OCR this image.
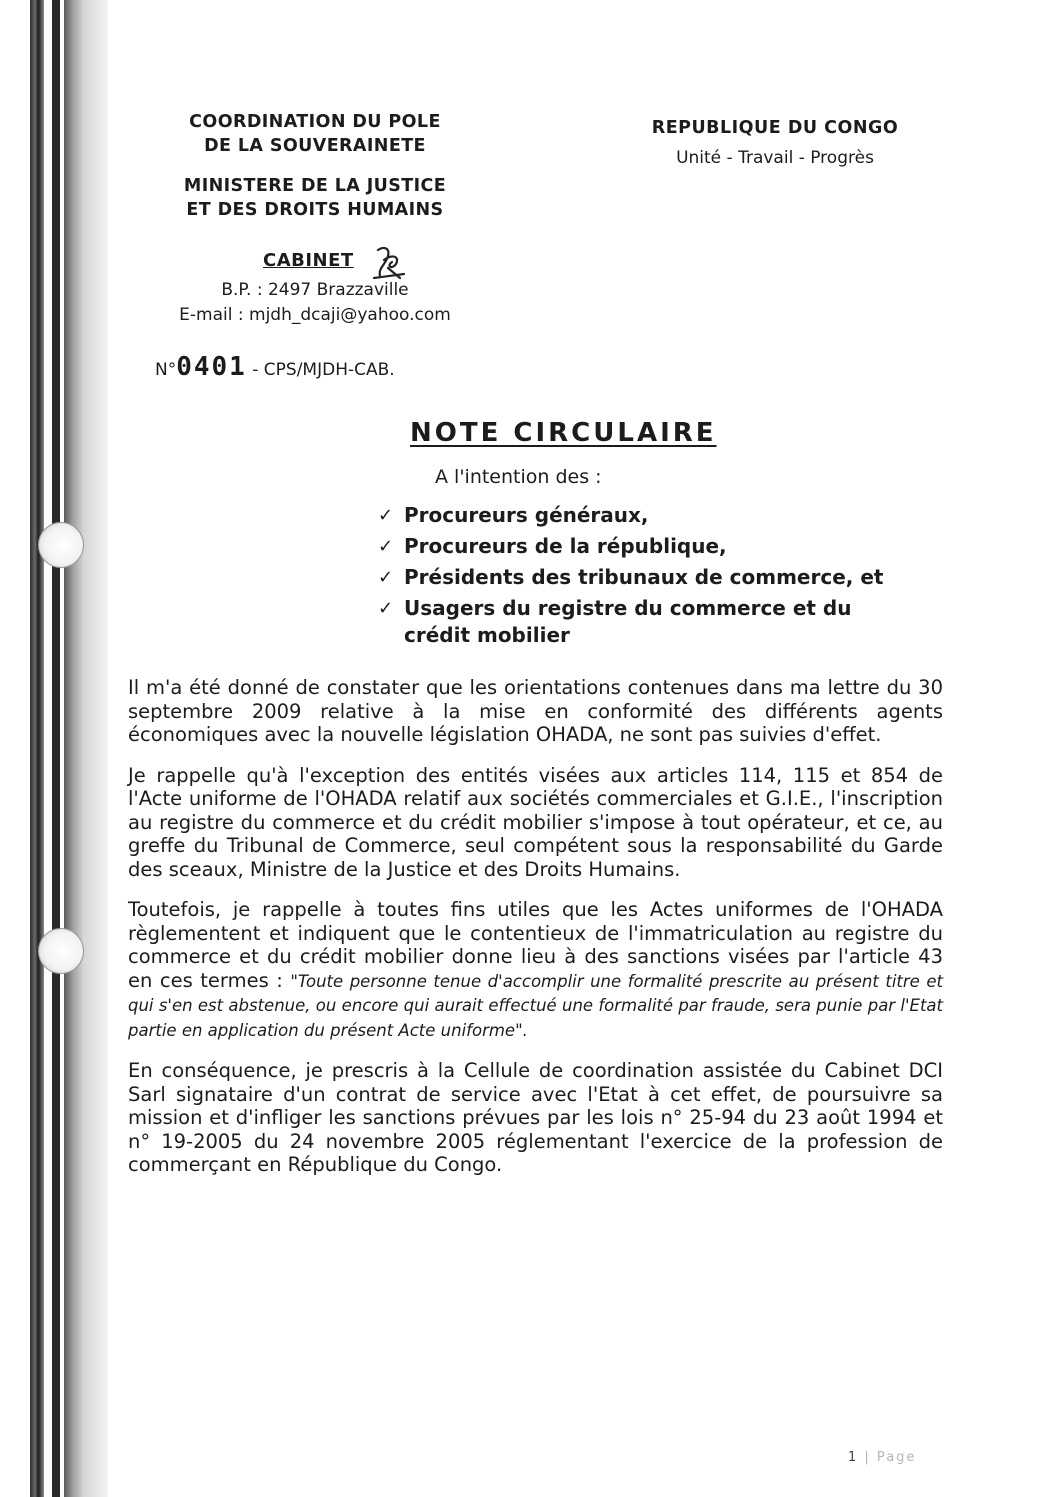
COORDINATION DU POLE
DE LA SOUVERAINETE
MINISTERE DE LA JUSTICE
ET DES DROITS HUMAINS
CABINET
B.P. : 2497 Brazzaville
E-mail : mjdh_dcaji@yahoo.com
N°0401 - CPS/MJDH-CAB.
REPUBLIQUE DU CONGO
Unité - Travail - Progrès
NOTE CIRCULAIRE
A l'intention des :
✓ Procureurs généraux,
✓ Procureurs de la république,
✓ Présidents des tribunaux de commerce, et
✓ Usagers du registre du commerce et du
crédit mobilier

Il m'a été donné de constater que les orientations contenues dans ma lettre du 30 septembre 2009 relative à la mise en conformité des différents agents économiques avec la nouvelle législation OHADA, ne sont pas suivies d'effet.

Je rappelle qu'à l'exception des entités visées aux articles 114, 115 et 854 de l'Acte uniforme de l'OHADA relatif aux sociétés commerciales et G.I.E., l'inscription au registre du commerce et du crédit mobilier s'impose à tout opérateur, et ce, au greffe du Tribunal de Commerce, seul compétent sous la responsabilité du Garde des sceaux, Ministre de la Justice et des Droits Humains.

Toutefois, je rappelle à toutes fins utiles que les Actes uniformes de l'OHADA règlementent et indiquent que le contentieux de l'immatriculation au registre du commerce et du crédit mobilier donne lieu à des sanctions visées par l'article 43 en ces termes : "Toute personne tenue d'accomplir une formalité prescrite au présent titre et qui s'en est abstenue, ou encore qui aurait effectué une formalité par fraude, sera punie par l'Etat partie en application du présent Acte uniforme".

En conséquence, je prescris à la Cellule de coordination assistée du Cabinet DCI Sarl signataire d'un contrat de service avec l'Etat à cet effet, de poursuivre sa mission et d'infliger les sanctions prévues par les lois n° 25-94 du 23 août 1994 et n° 19-2005 du 24 novembre 2005 réglementant l'exercice de la profession de commerçant en République du Congo.

1 | Page
